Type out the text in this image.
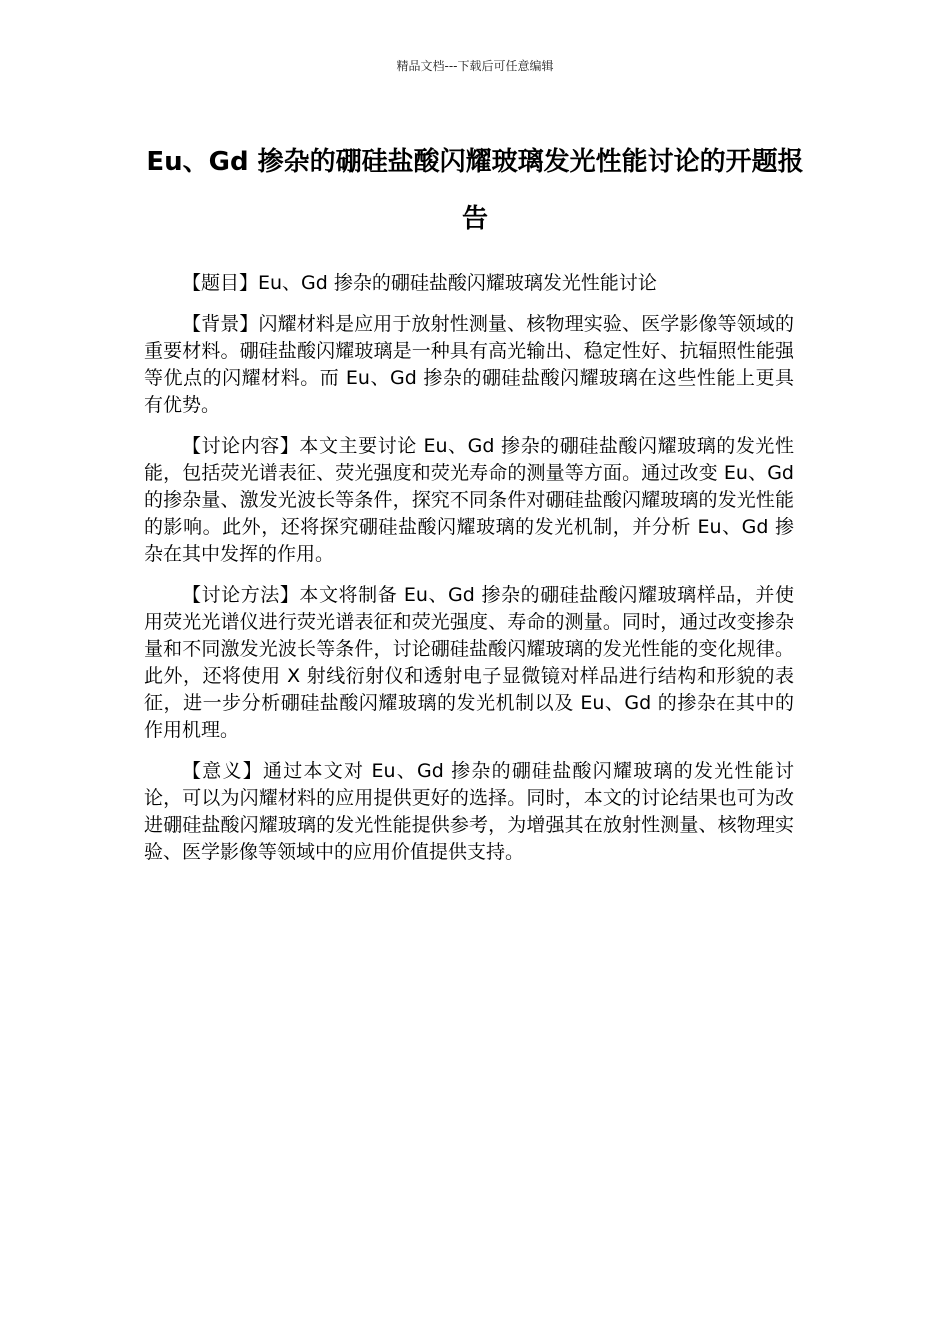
精品文档---下载后可任意编辑
Eu、Gd 掺杂的硼硅盐酸闪耀玻璃发光性能讨论的开题报告

【题目】Eu、Gd 掺杂的硼硅盐酸闪耀玻璃发光性能讨论

【背景】闪耀材料是应用于放射性测量、核物理实验、医学影像等领域的重要材料。硼硅盐酸闪耀玻璃是一种具有高光输出、稳定性好、抗辐照性能强等优点的闪耀材料。而 Eu、Gd 掺杂的硼硅盐酸闪耀玻璃在这些性能上更具有优势。

【讨论内容】本文主要讨论 Eu、Gd 掺杂的硼硅盐酸闪耀玻璃的发光性能，包括荧光谱表征、荧光强度和荧光寿命的测量等方面。通过改变 Eu、Gd 的掺杂量、激发光波长等条件，探究不同条件对硼硅盐酸闪耀玻璃的发光性能的影响。此外，还将探究硼硅盐酸闪耀玻璃的发光机制，并分析 Eu、Gd 掺杂在其中发挥的作用。

【讨论方法】本文将制备 Eu、Gd 掺杂的硼硅盐酸闪耀玻璃样品，并使用荧光光谱仪进行荧光谱表征和荧光强度、寿命的测量。同时，通过改变掺杂量和不同激发光波长等条件，讨论硼硅盐酸闪耀玻璃的发光性能的变化规律。此外，还将使用 X 射线衍射仪和透射电子显微镜对样品进行结构和形貌的表征，进一步分析硼硅盐酸闪耀玻璃的发光机制以及 Eu、Gd 的掺杂在其中的作用机理。

【意义】通过本文对 Eu、Gd 掺杂的硼硅盐酸闪耀玻璃的发光性能讨论，可以为闪耀材料的应用提供更好的选择。同时，本文的讨论结果也可为改进硼硅盐酸闪耀玻璃的发光性能提供参考，为增强其在放射性测量、核物理实验、医学影像等领域中的应用价值提供支持。
